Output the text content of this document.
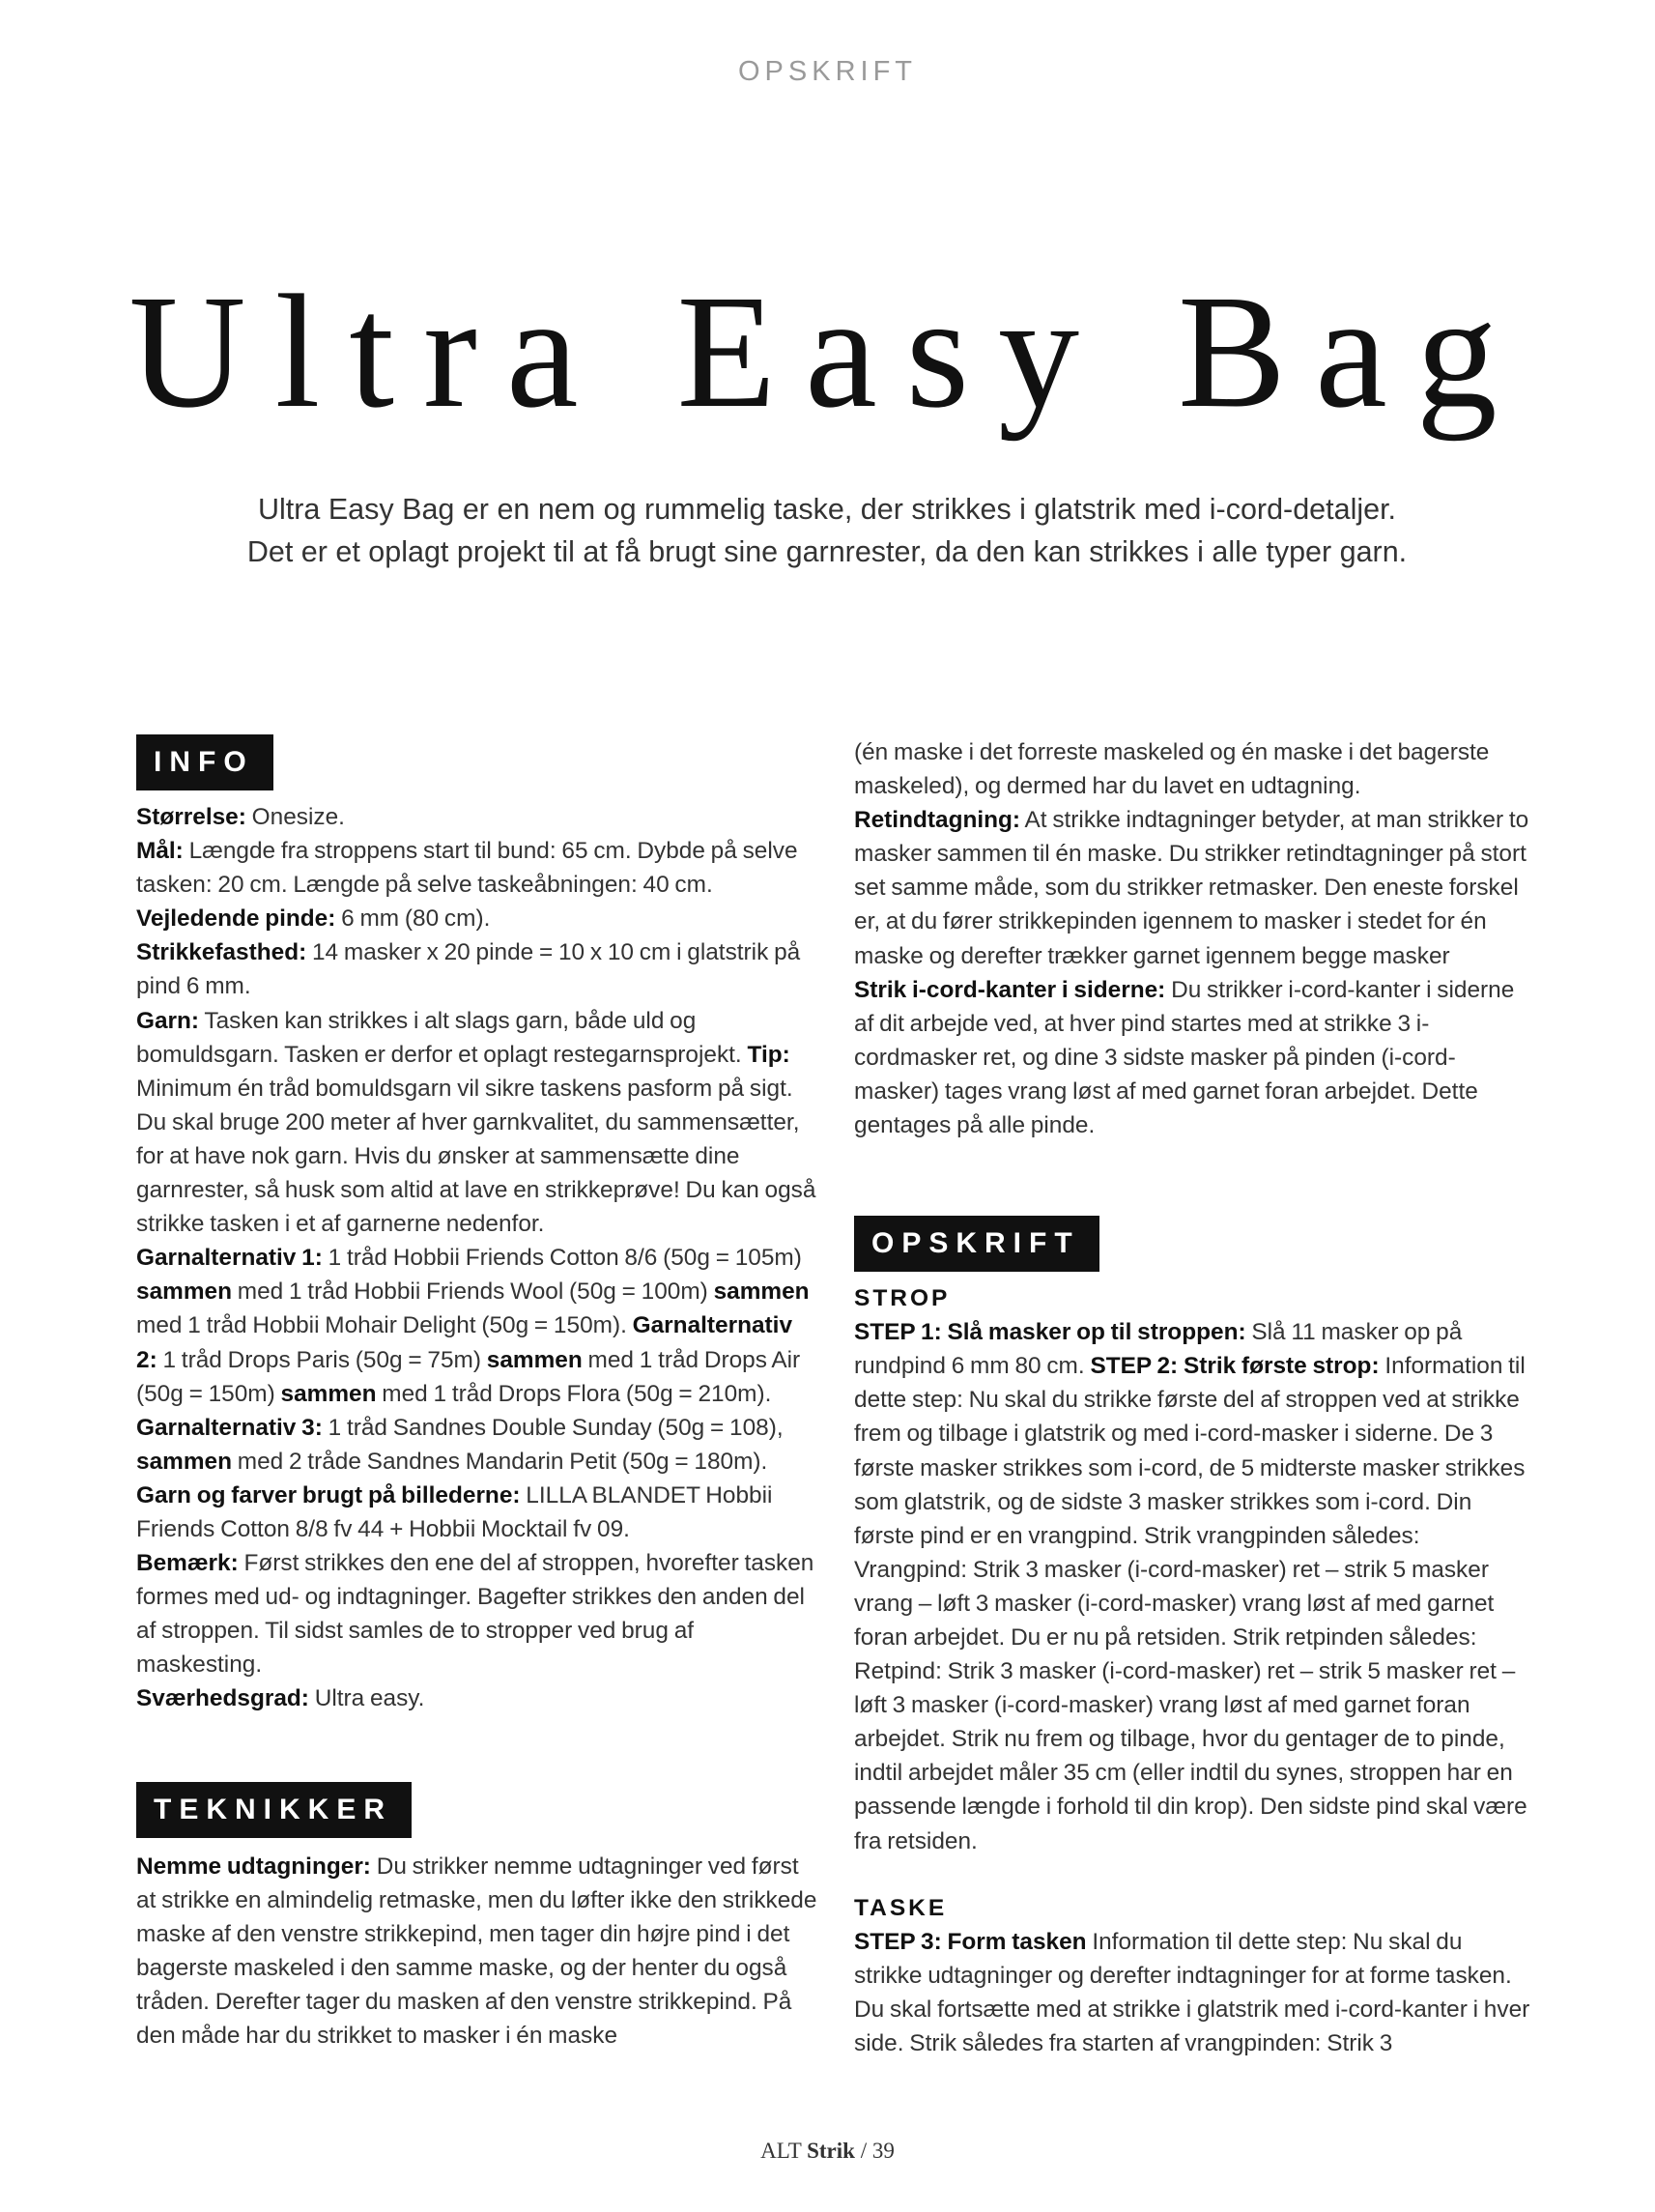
OPSKRIFT
Ultra Easy Bag
Ultra Easy Bag er en nem og rummelig taske, der strikkes i glatstrik med i-cord-detaljer.
Det er et oplagt projekt til at få brugt sine garnrester, da den kan strikkes i alle typer garn.
INFO

Størrelse: Onesize.

Mål: Længde fra stroppens start til bund: 65 cm. Dybde på selve tasken: 20 cm. Længde på selve taskeåbningen: 40 cm.

Vejledende pinde: 6 mm (80 cm).

Strikkefasthed: 14 masker x 20 pinde = 10 x 10 cm i glatstrik på pind 6 mm.

Garn: Tasken kan strikkes i alt slags garn, både uld og bomuldsgarn. Tasken er derfor et oplagt restegarnsprojekt. Tip: Minimum én tråd bomuldsgarn vil sikre taskens pasform på sigt. Du skal bruge 200 meter af hver garnkvalitet, du sammensætter, for at have nok garn. Hvis du ønsker at sammensætte dine garnrester, så husk som altid at lave en strikkeprøve! Du kan også strikke tasken i et af garnerne nedenfor.

Garnalternativ 1: 1 tråd Hobbii Friends Cotton 8/6 (50g = 105m) sammen med 1 tråd Hobbii Friends Wool (50g = 100m) sammen med 1 tråd Hobbii Mohair Delight (50g = 150m). Garnalternativ 2: 1 tråd Drops Paris (50g = 75m) sammen med 1 tråd Drops Air (50g = 150m) sammen med 1 tråd Drops Flora (50g = 210m). Garnalternativ 3: 1 tråd Sandnes Double Sunday (50g = 108), sammen med 2 tråde Sandnes Mandarin Petit (50g = 180m). Garn og farver brugt på billederne: LILLA BLANDET Hobbii Friends Cotton 8/8 fv 44 + Hobbii Mocktail fv 09.

Bemærk: Først strikkes den ene del af stroppen, hvorefter tasken formes med ud- og indtagninger. Bagefter strikkes den anden del af stroppen. Til sidst samles de to stropper ved brug af maskesting.

Sværhedsgrad: Ultra easy.

TEKNIKKER

Nemme udtagninger: Du strikker nemme udtagninger ved først at strikke en almindelig retmaske, men du løfter ikke den strikkede maske af den venstre strikkepind, men tager din højre pind i det bagerste maskeled i den samme maske, og der henter du også tråden. Derefter tager du masken af den venstre strikkepind. På den måde har du strikket to masker i én maske

(én maske i det forreste maskeled og én maske i det bagerste maskeled), og dermed har du lavet en udtagning.

Retindtagning: At strikke indtagninger betyder, at man strikker to masker sammen til én maske. Du strikker retindtagninger på stort set samme måde, som du strikker retmasker. Den eneste forskel er, at du fører strikkepinden igennem to masker i stedet for én maske og derefter trækker garnet igennem begge masker

Strik i-cord-kanter i siderne: Du strikker i-cord-kanter i siderne af dit arbejde ved, at hver pind startes med at strikke 3 i-cordmasker ret, og dine 3 sidste masker på pinden (i-cord-masker) tages vrang løst af med garnet foran arbejdet. Dette gentages på alle pinde.

OPSKRIFT

STROP

STEP 1: Slå masker op til stroppen: Slå 11 masker op på rundpind 6 mm 80 cm. STEP 2: Strik første strop: Information til dette step: Nu skal du strikke første del af stroppen ved at strikke frem og tilbage i glatstrik og med i-cord-masker i siderne. De 3 første masker strikkes som i-cord, de 5 midterste masker strikkes som glatstrik, og de sidste 3 masker strikkes som i-cord. Din første pind er en vrangpind. Strik vrangpinden således: Vrangpind: Strik 3 masker (i-cord-masker) ret – strik 5 masker vrang – løft 3 masker (i-cord-masker) vrang løst af med garnet foran arbejdet. Du er nu på retsiden. Strik retpinden således: Retpind: Strik 3 masker (i-cord-masker) ret – strik 5 masker ret – løft 3 masker (i-cord-masker) vrang løst af med garnet foran arbejdet. Strik nu frem og tilbage, hvor du gentager de to pinde, indtil arbejdet måler 35 cm (eller indtil du synes, stroppen har en passende længde i forhold til din krop). Den sidste pind skal være fra retsiden.

TASKE

STEP 3: Form tasken Information til dette step: Nu skal du strikke udtagninger og derefter indtagninger for at forme tasken. Du skal fortsætte med at strikke i glatstrik med i-cord-kanter i hver side. Strik således fra starten af vrangpinden: Strik 3

ALT Strik / 39
